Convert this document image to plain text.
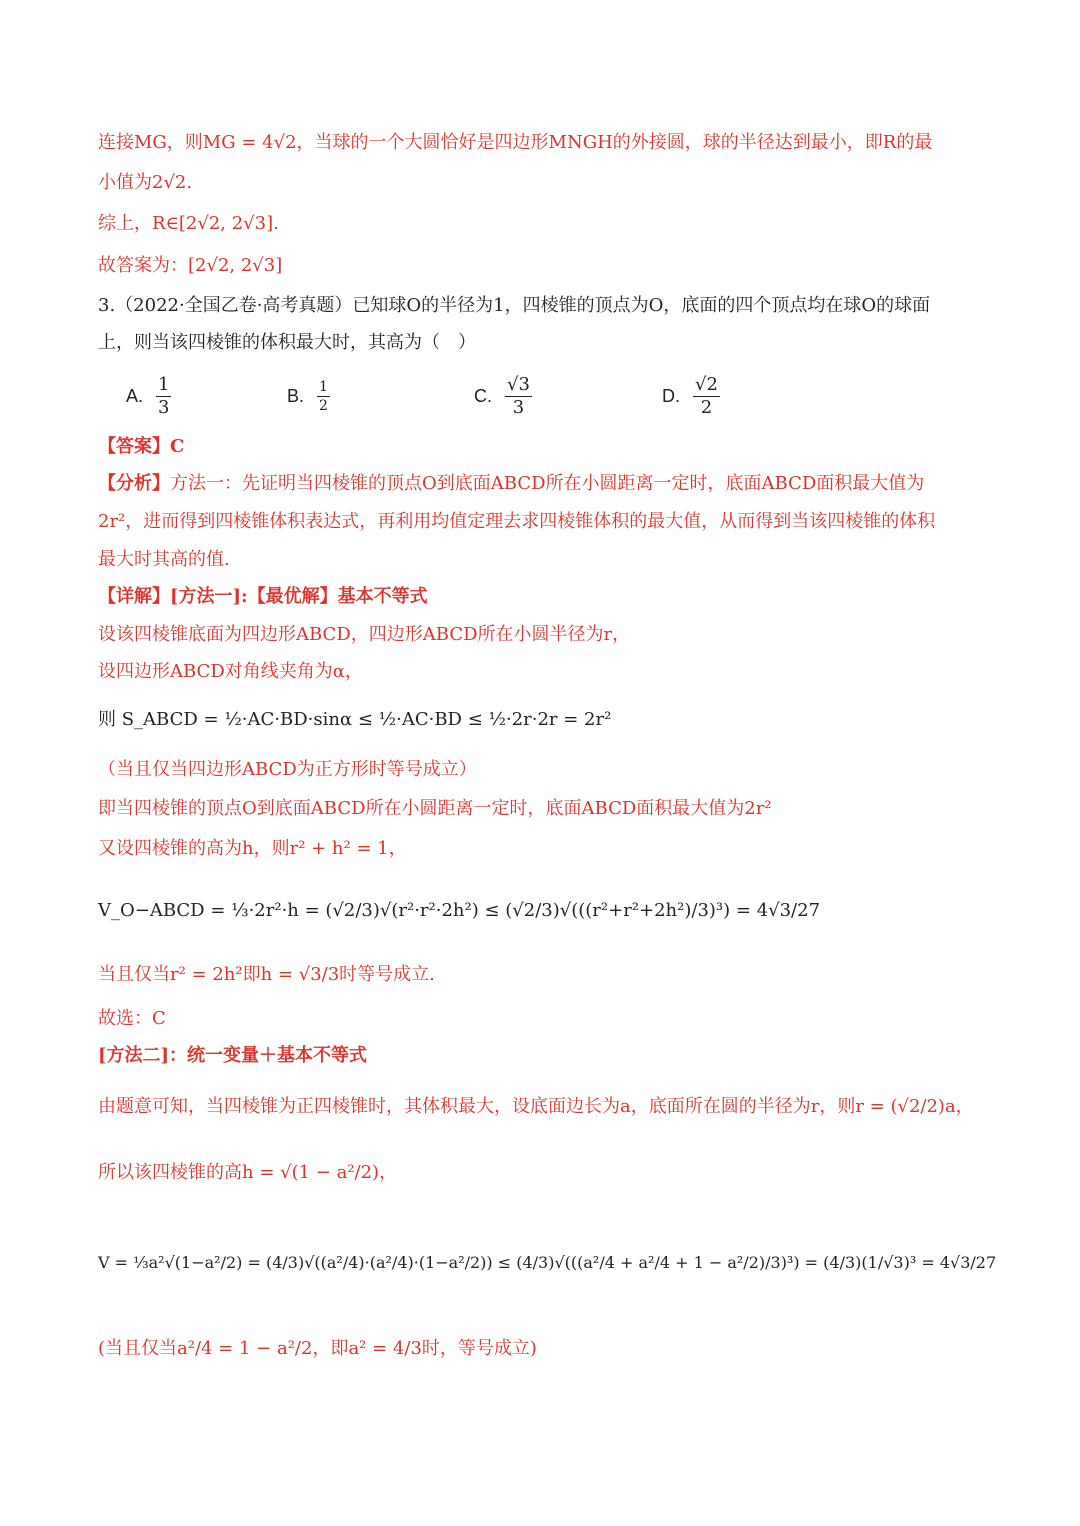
连接MG，则MG = 4√2，当球的一个大圆恰好是四边形MNGH的外接圆，球的半径达到最小，即R的最
小值为2√2.
综上，R∈[2√2, 2√3].
故答案为：[2√2, 2√3]
3.（2022·全国乙卷·高考真题）已知球O的半径为1，四棱锥的顶点为O，底面的四个顶点均在球O的球面
上，则当该四棱锥的体积最大时，其高为（　）
A. $\frac{1}{3}$	B. $\frac{1}{2}$	C. $\frac{√3}{3}$	D. $\frac{√2}{2}$
【答案】C
【分析】方法一：先证明当四棱锥的顶点O到底面ABCD所在小圆距离一定时，底面ABCD面积最大值为
2r²，进而得到四棱锥体积表达式，再利用均值定理去求四棱锥体积的最大值，从而得到当该四棱锥的体积
最大时其高的值.
【详解】[方法一]:【最优解】基本不等式
设该四棱锥底面为四边形ABCD，四边形ABCD所在小圆半径为r，
设四边形ABCD对角线夹角为α，
则 S_ABCD = ½·AC·BD·sinα ≤ ½·AC·BD ≤ ½·2r·2r = 2r²
（当且仅当四边形ABCD为正方形时等号成立）
即当四棱锥的顶点O到底面ABCD所在小圆距离一定时，底面ABCD面积最大值为2r²
又设四棱锥的高为h，则r² + h² = 1，
V_O−ABCD = ⅓·2r²·h = (√2/3)√(r²·r²·2h²) ≤ (√2/3)√(((r²+r²+2h²)/3)³) = 4√3/27
当且仅当r² = 2h²即h = √3/3时等号成立.
故选：C
[方法二]：统一变量＋基本不等式
由题意可知，当四棱锥为正四棱锥时，其体积最大，设底面边长为a，底面所在圆的半径为r，则r = (√2/2)a，
所以该四棱锥的高h = √(1 − a²/2)，
V = ⅓a²√(1−a²/2) = (4/3)√((a²/4)·(a²/4)·(1−a²/2)) ≤ (4/3)√(((a²/4 + a²/4 + 1 − a²/2)/3)³) = (4/3)(1/√3)³ = 4√3/27
(当且仅当a²/4 = 1 − a²/2，即a² = 4/3时，等号成立)
